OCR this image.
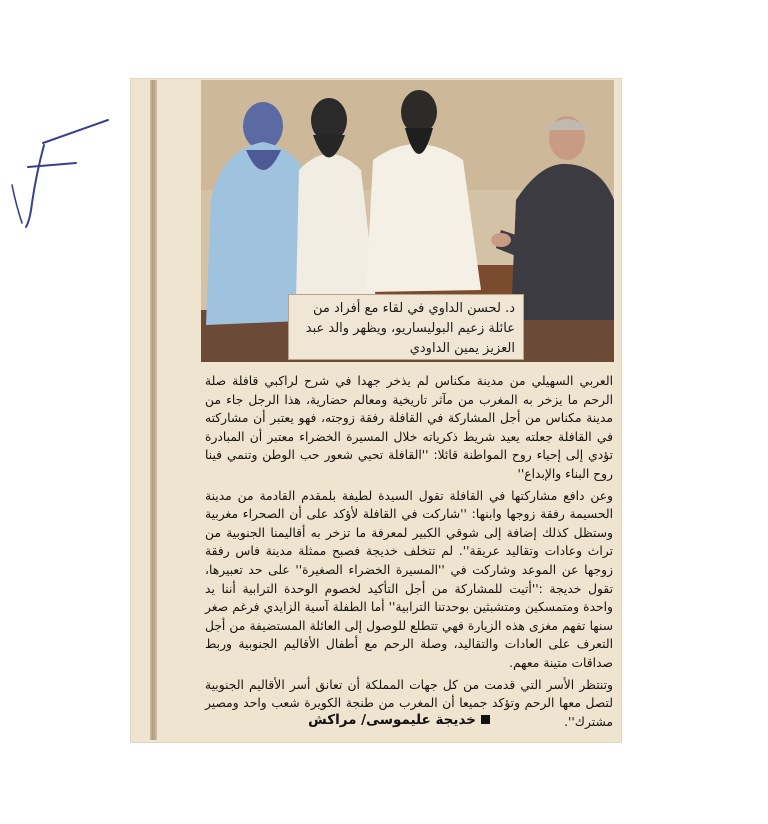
د. لحسن الداوي في لقاء مع أفراد من
عائلة زعيم البوليساريو، ويظهر والد عبد
العزيز يمين الداودي

العربي السهيلي من مدينة مكناس لم يذخر جهدا في شرح لراكبي قافلة صلة الرحم ما يزخر به المغرب من مآثر تاريخية ومعالم حضارية، هذا الرجل جاء من مدينة مكناس من أجل المشاركة في القافلة رفقة زوجته، فهو يعتبر أن مشاركته في القافلة جعلته يعيد شريط ذكرياته خلال المسيرة الخضراء معتبر أن المبادرة تؤدي إلى إحياء روح المواطنة قائلا: ''القافلة تحيي شعور حب الوطن وتنمي فينا روح البناء والإبداع''

وعن دافع مشاركتها في القافلة تقول السيدة لطيفة بلمقدم القادمة من مدينة الحسيمة رفقة زوجها وابنها: ''شاركت في القافلة لأؤكد على أن الصحراء مغربية وستظل كذلك إضافة إلى شوقي الكبير لمعرفة ما تزخر به أقاليمنا الجنوبية من تراث وعادات وتقاليد عريقة''. لم تتخلف خديجة فصبح ممثلة مدينة فاس رفقة زوجها عن الموعد وشاركت في ''المسيرة الخضراء الصغيرة'' على حد تعبيرها، تقول خديجة :''أتيت للمشاركة من أجل التأكيد لخصوم الوحدة الترابية أننا يد واحدة ومتمسكين ومتشبثين بوحدتنا الترابية'' أما الطفلة آسية الزايدي فرغم صغر سنها تفهم مغزى هذه الزيارة فهي تتطلع للوصول إلى العائلة المستضيفة من أجل التعرف على العادات والتقاليد، وصلة الرحم مع أطفال الأقاليم الجنوبية وربط صداقات متينة معهم.

وتنتظر الأسر التي قدمت من كل جهات المملكة أن تعانق أسر الأقاليم الجنوبية لتصل معها الرحم وتؤكد جميعا أن المغرب من طنجة الكويرة شعب واحد ومصير مشترك''.

خديجة عليموسى/ مراكش
